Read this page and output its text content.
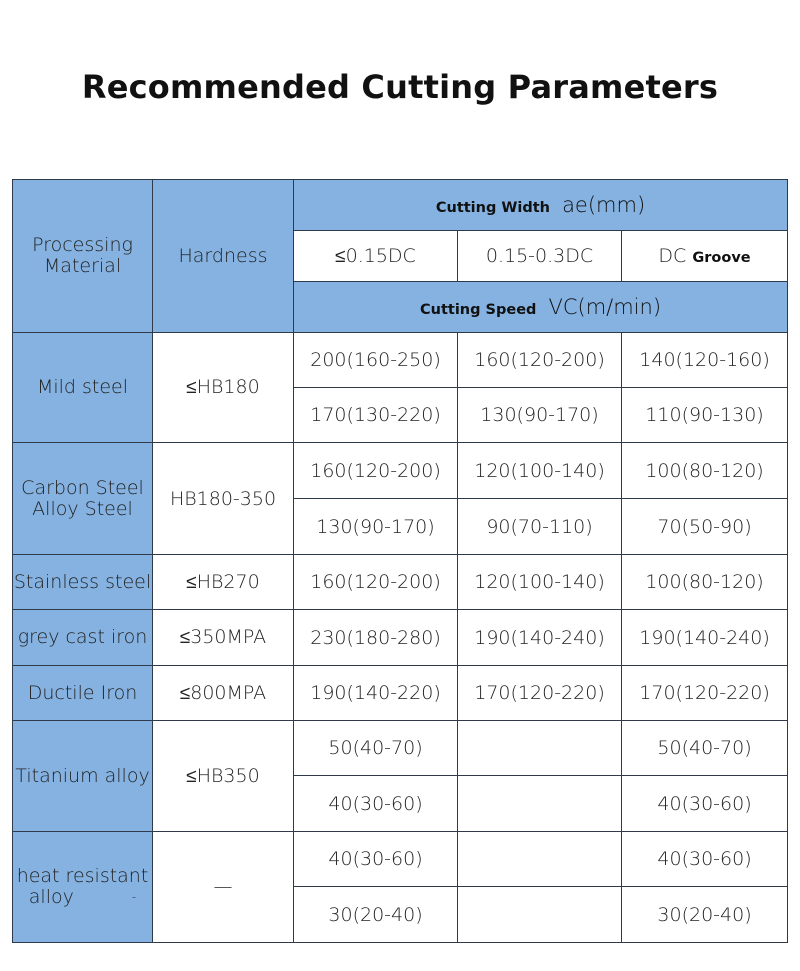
Recommended Cutting Parameters
Processing
Material	Hardness	Cutting Width ae(mm)		
		≤0.15DC	0.15-0.3DC	DC Groove
		Cutting Speed VC(m/min)		
Mild steel	≤HB180	200(160-250)	160(120-200)	140(120-160)
		170(130-220)	130(90-170)	110(90-130)
Carbon Steel
Alloy Steel	HB180-350	160(120-200)	120(100-140)	100(80-120)
		130(90-170)	90(70-110)	70(50-90)
Stainless steel	≤HB270	160(120-200)	120(100-140)	100(80-120)
grey cast iron	≤350MPA	230(180-280)	190(140-240)	190(140-240)
Ductile Iron	≤800MPA	190(140-220)	170(120-220)	170(120-220)
Titanium alloy	≤HB350	50(40-70)		50(40-70)
		40(30-60)		40(30-60)
heat resistant
alloy -	—	40(30-60)		40(30-60)
		30(20-40)		30(20-40)
